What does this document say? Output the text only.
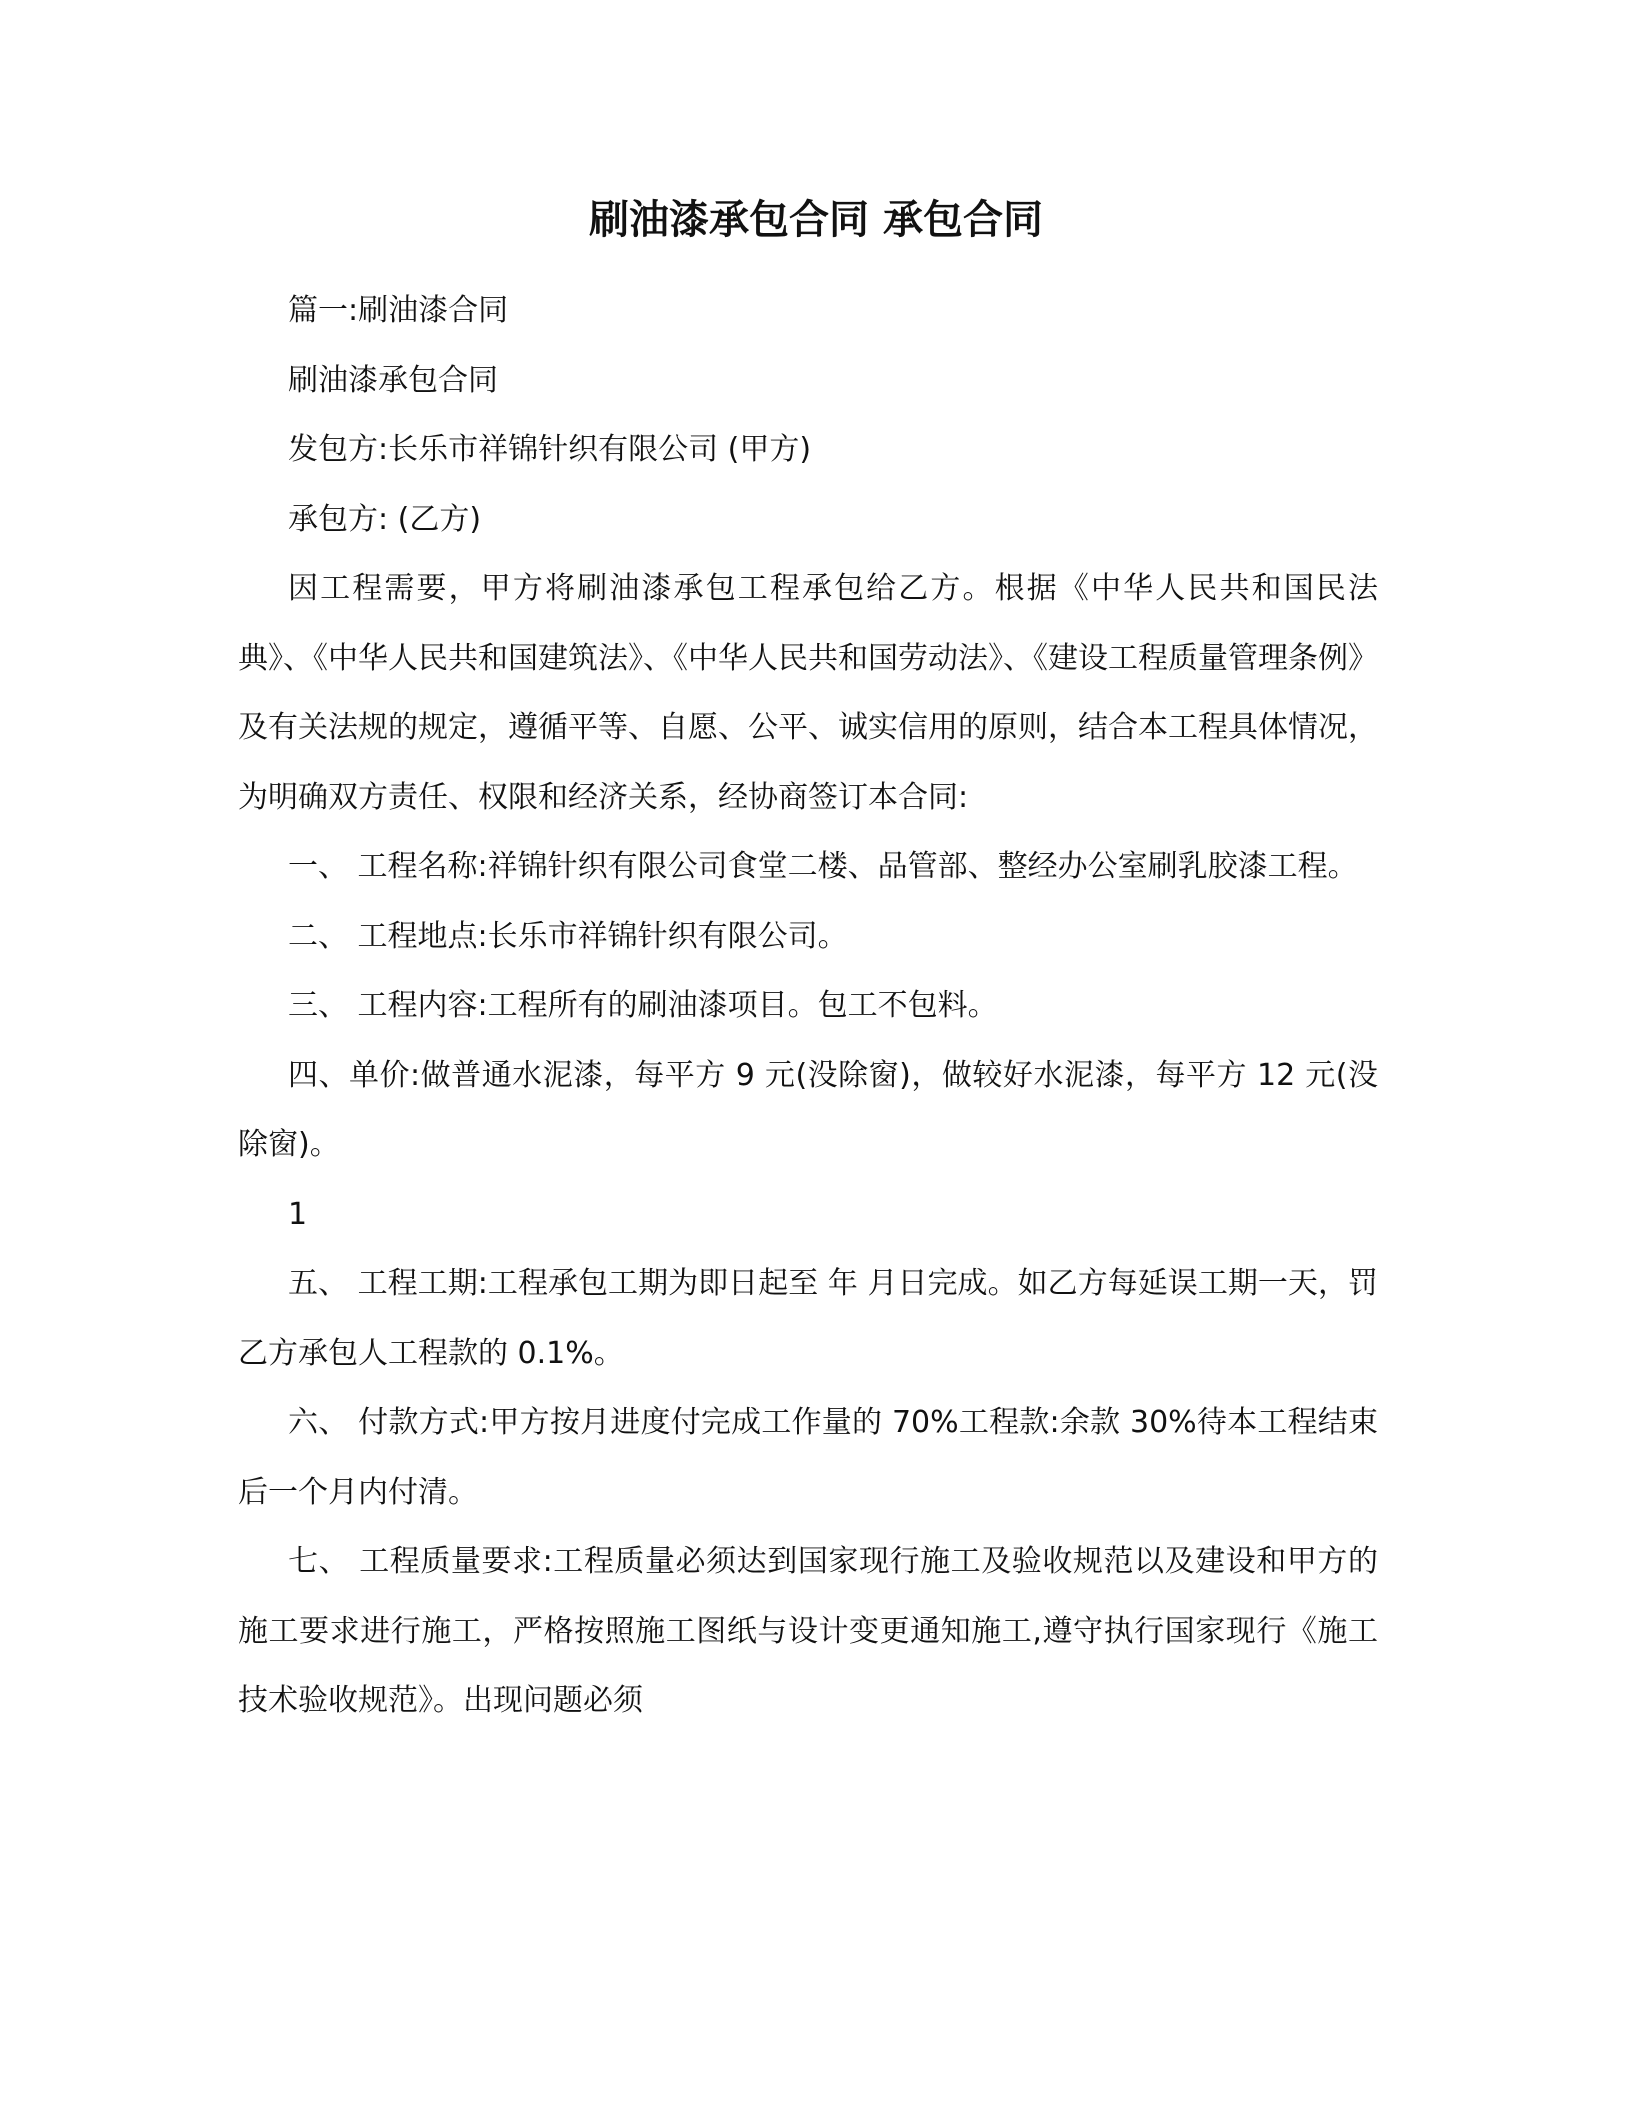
刷油漆承包合同 承包合同

篇一:刷油漆合同

刷油漆承包合同

发包方:长乐市祥锦针织有限公司 (甲方)

承包方: (乙方)

因工程需要，甲方将刷油漆承包工程承包给乙方。根据《中华人民共和国民法典》、《中华人民共和国建筑法》、《中华人民共和国劳动法》、《建设工程质量管理条例》及有关法规的规定，遵循平等、自愿、公平、诚实信用的原则，结合本工程具体情况，为明确双方责任、权限和经济关系，经协商签订本合同:

一、 工程名称:祥锦针织有限公司食堂二楼、品管部、整经办公室刷乳胶漆工程。

二、 工程地点:长乐市祥锦针织有限公司。

三、 工程内容:工程所有的刷油漆项目。包工不包料。

四、单价:做普通水泥漆，每平方 9 元(没除窗)，做较好水泥漆，每平方 12 元(没除窗)。

1

五、 工程工期:工程承包工期为即日起至 年 月日完成。如乙方每延误工期一天，罚乙方承包人工程款的 0.1%。

六、 付款方式:甲方按月进度付完成工作量的 70%工程款:余款 30%待本工程结束后一个月内付清。

七、 工程质量要求:工程质量必须达到国家现行施工及验收规范以及建设和甲方的施工要求进行施工，严格按照施工图纸与设计变更通知施工,遵守执行国家现行《施工技术验收规范》。出现问题必须
